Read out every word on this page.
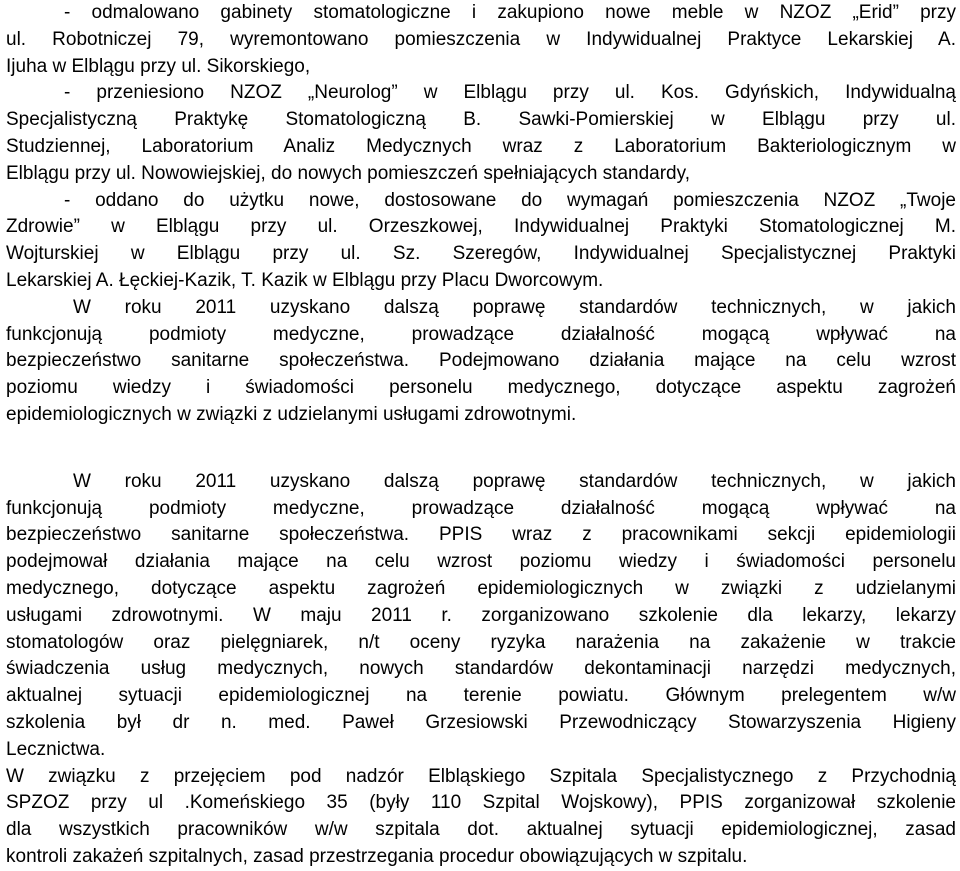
- odmalowano gabinety stomatologiczne i zakupiono nowe meble w NZOZ „Erid” przy
ul. Robotniczej 79, wyremontowano pomieszczenia w Indywidualnej Praktyce Lekarskiej A.
Ijuha w Elblągu przy ul. Sikorskiego,
- przeniesiono NZOZ „Neurolog” w Elblągu przy ul. Kos. Gdyńskich, Indywidualną
Specjalistyczną Praktykę Stomatologiczną B. Sawki-Pomierskiej w Elblągu przy ul.
Studziennej, Laboratorium Analiz Medycznych wraz z Laboratorium Bakteriologicznym w
Elblągu przy ul. Nowowiejskiej, do nowych pomieszczeń spełniających standardy,
- oddano do użytku nowe, dostosowane do wymagań pomieszczenia NZOZ „Twoje
Zdrowie” w Elblągu przy ul. Orzeszkowej, Indywidualnej Praktyki Stomatologicznej M.
Wojturskiej w Elblągu przy ul. Sz. Szeregów, Indywidualnej Specjalistycznej Praktyki
Lekarskiej A. Łęckiej-Kazik, T. Kazik w Elblągu przy Placu Dworcowym.
W roku 2011 uzyskano dalszą poprawę standardów technicznych, w jakich
funkcjonują podmioty medyczne, prowadzące działalność mogącą wpływać na
bezpieczeństwo sanitarne społeczeństwa. Podejmowano działania mające na celu wzrost
poziomu wiedzy i świadomości personelu medycznego, dotyczące aspektu zagrożeń
epidemiologicznych w związki z udzielanymi usługami zdrowotnymi.
W roku 2011 uzyskano dalszą poprawę standardów technicznych, w jakich
funkcjonują podmioty medyczne, prowadzące działalność mogącą wpływać na
bezpieczeństwo sanitarne społeczeństwa. PPIS wraz z pracownikami sekcji epidemiologii
podejmował działania mające na celu wzrost poziomu wiedzy i świadomości personelu
medycznego, dotyczące aspektu zagrożeń epidemiologicznych w związki z udzielanymi
usługami zdrowotnymi. W maju 2011 r. zorganizowano szkolenie dla lekarzy, lekarzy
stomatologów oraz pielęgniarek, n/t oceny ryzyka narażenia na zakażenie w trakcie
świadczenia usług medycznych, nowych standardów dekontaminacji narzędzi medycznych,
aktualnej sytuacji epidemiologicznej na terenie powiatu. Głównym prelegentem w/w
szkolenia był dr n. med. Paweł Grzesiowski Przewodniczący Stowarzyszenia Higieny
Lecznictwa.
W związku z przejęciem pod nadzór Elbląskiego Szpitala Specjalistycznego z Przychodnią
SPZOZ przy ul .Komeńskiego 35 (były 110 Szpital Wojskowy), PPIS zorganizował szkolenie
dla wszystkich pracowników w/w szpitala dot. aktualnej sytuacji epidemiologicznej, zasad
kontroli zakażeń szpitalnych, zasad przestrzegania procedur obowiązujących w szpitalu.
